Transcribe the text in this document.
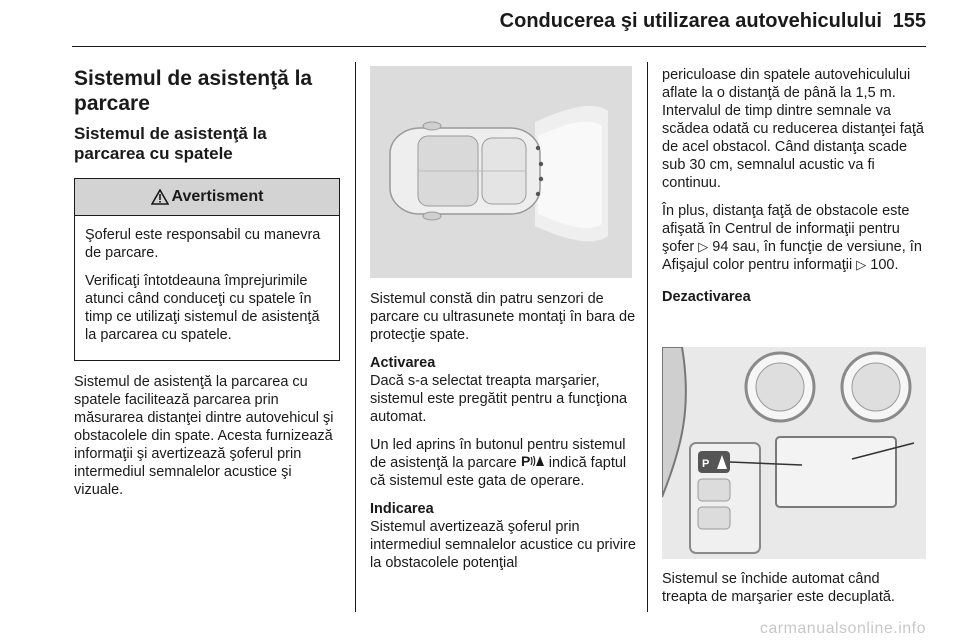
Conducerea şi utilizarea autovehiculului 155
Sistemul de asistenţă la parcare
Sistemul de asistenţă la parcarea cu spatele
Avertisment

Şoferul este responsabil cu manevra de parcare.

Verificaţi întotdeauna împrejurimile atunci când conduceţi cu spatele în timp ce utilizaţi sistemul de asistenţă la parcarea cu spatele.

Sistemul de asistenţă la parcarea cu spatele facilitează parcarea prin măsurarea distanţei dintre autovehicul şi obstacolele din spate. Acesta furnizează informaţii şi avertizează şoferul prin intermediul semnalelor acustice şi vizuale.

Sistemul constă din patru senzori de parcare cu ultrasunete montaţi în bara de protecţie spate.

Activarea

Dacă s-a selectat treapta marşarier, sistemul este pregătit pentru a funcţiona automat.

Un led aprins în butonul pentru sistemul de asistenţă la parcare P indică faptul că sistemul este gata de operare.

Indicarea

Sistemul avertizează şoferul prin intermediul semnalelor acustice cu privire la obstacolele potenţial

periculoase din spatele autovehiculului aflate la o distanţă de până la 1,5 m. Intervalul de timp dintre semnale va scădea odată cu reducerea distanţei faţă de acel obstacol. Când distanţa scade sub 30 cm, semnalul acustic va fi continuu.

În plus, distanţa faţă de obstacole este afişată în Centrul de informaţii pentru şofer ▷ 94 sau, în funcţie de versiune, în Afişajul color pentru informaţii ▷ 100.

Dezactivarea

P

Sistemul se închide automat când treapta de marşarier este decuplată.

carmanualsonline.info
